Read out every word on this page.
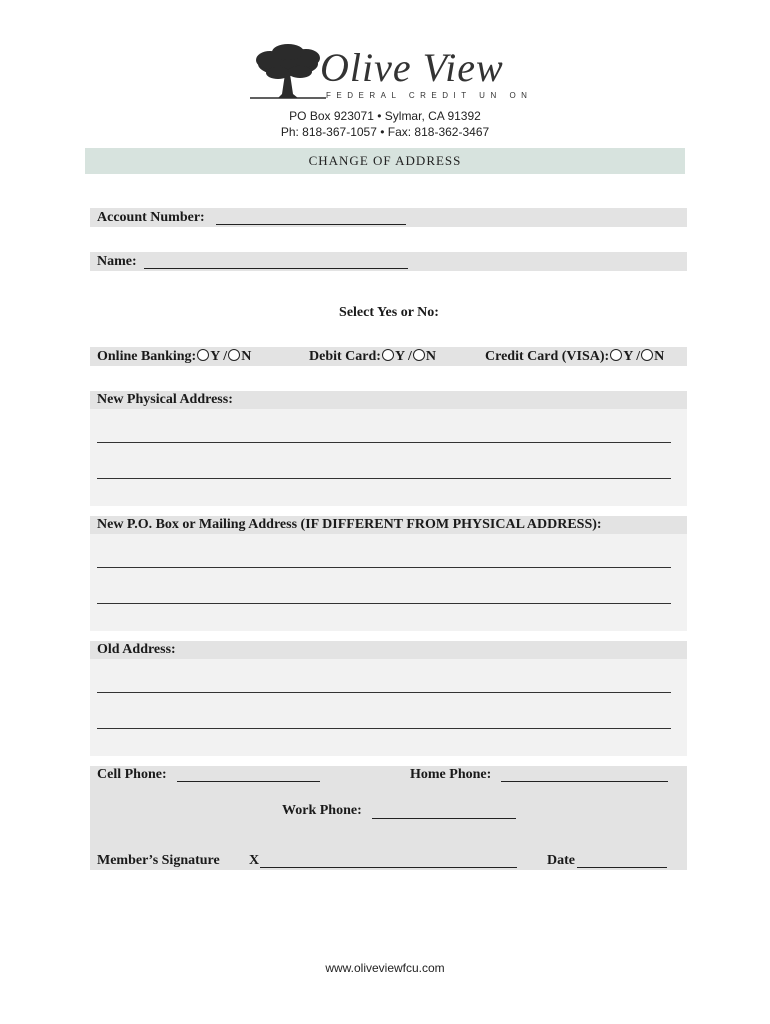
Olive View
FEDERAL CREDIT UN ON
PO Box 923071 • Sylmar, CA 91392
Ph: 818-367-1057 • Fax: 818-362-3467
CHANGE OF ADDRESS
Account Number:
Name:
Select Yes or No:
Online Banking: Y / N	Debit Card: Y / N	Credit Card (VISA): Y / N
New Physical Address:
New P.O. Box or Mailing Address (IF DIFFERENT FROM PHYSICAL ADDRESS):
Old Address:
Cell Phone:	Home Phone:
Work Phone:
Member’s Signature X	Date
www.oliveviewfcu.com
